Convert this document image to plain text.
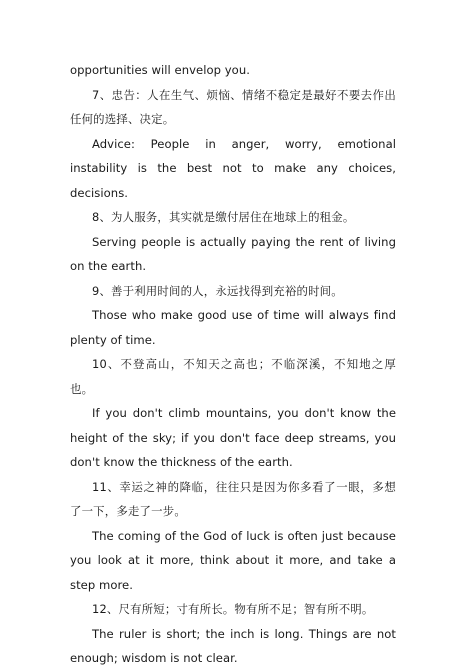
opportunities will envelop you.

7、忠告：人在生气、烦恼、情绪不稳定是最好不要去作出任何的选择、决定。

Advice: People in anger, worry, emotional instability is the best not to make any choices, decisions.

8、为人服务，其实就是缴付居住在地球上的租金。

Serving people is actually paying the rent of living on the earth.

9、善于利用时间的人，永远找得到充裕的时间。

Those who make good use of time will always find plenty of time.

10、不登高山，不知天之高也；不临深溪，不知地之厚也。

If you don't climb mountains, you don't know the height of the sky; if you don't face deep streams, you don't know the thickness of the earth.

11、幸运之神的降临，往往只是因为你多看了一眼，多想了一下，多走了一步。

The coming of the God of luck is often just because you look at it more, think about it more, and take a step more.

12、尺有所短；寸有所长。物有所不足；智有所不明。

The ruler is short; the inch is long. Things are not enough; wisdom is not clear.
